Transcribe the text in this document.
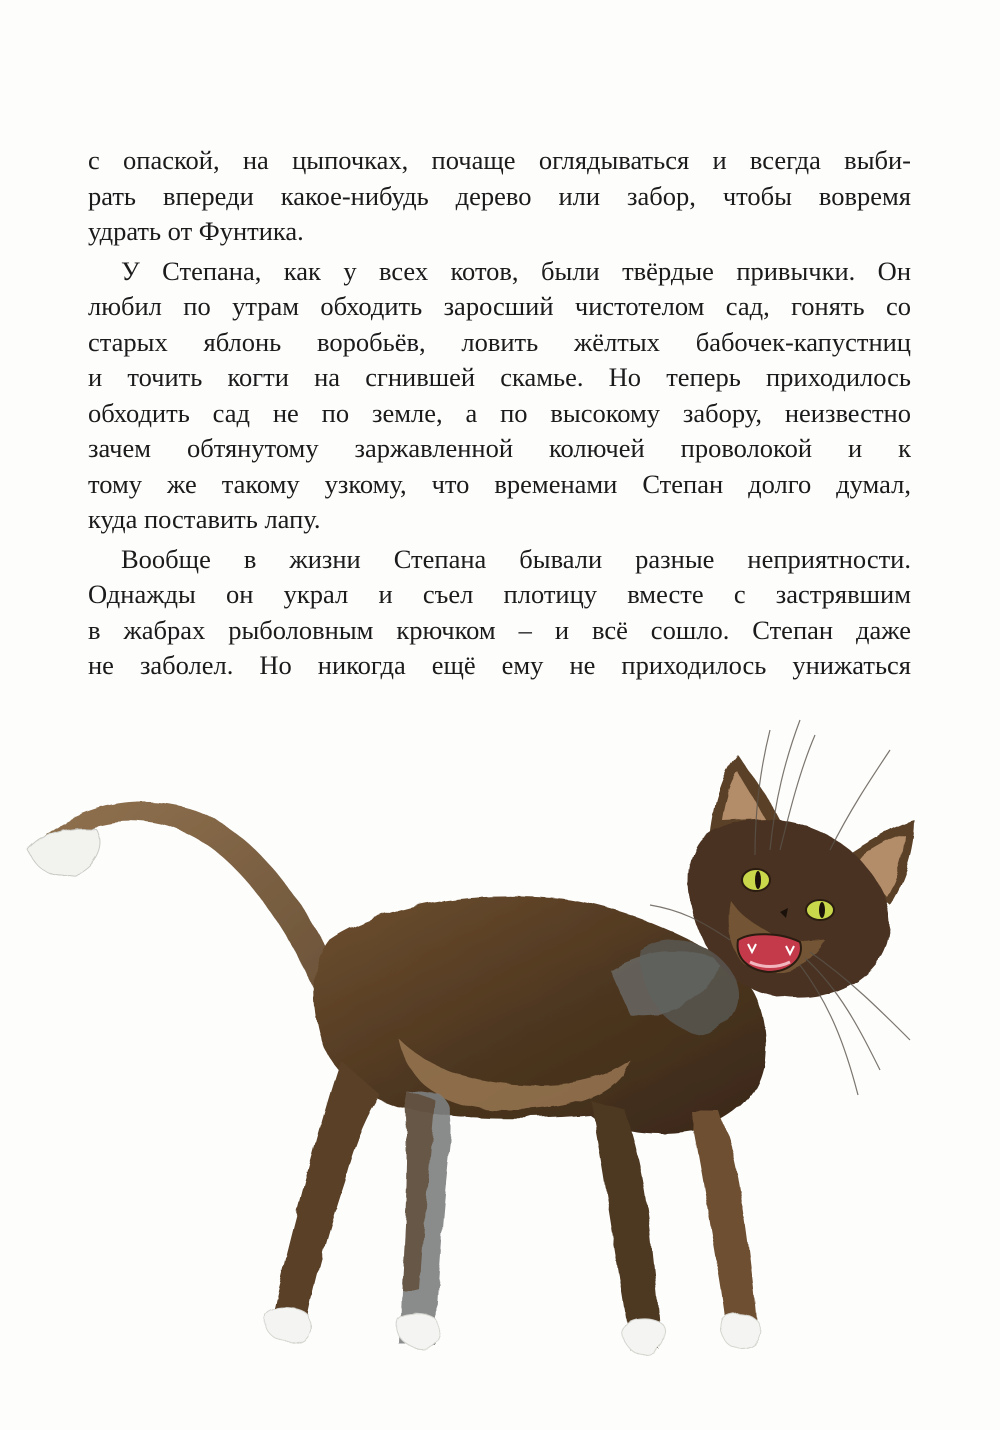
с опаской, на цыпочках, почаще оглядываться и всегда выби-
рать впереди какое-нибудь дерево или забор, чтобы вовремя
удрать от Фунтика.
У Степана, как у всех котов, были твёрдые привычки. Он
любил по утрам обходить заросший чистотелом сад, гонять со
старых яблонь воробьёв, ловить жёлтых бабочек-капустниц
и точить когти на сгнившей скамье. Но теперь приходилось
обходить сад не по земле, а по высокому забору, неизвестно
зачем обтянутому заржавленной колючей проволокой и к
тому же такому узкому, что временами Степан долго думал,
куда поставить лапу.
Вообще в жизни Степана бывали разные неприятности.
Однажды он украл и съел плотицу вместе с застрявшим
в жабрах рыболовным крючком – и всё сошло. Степан даже
не заболел. Но никогда ещё ему не приходилось унижаться
